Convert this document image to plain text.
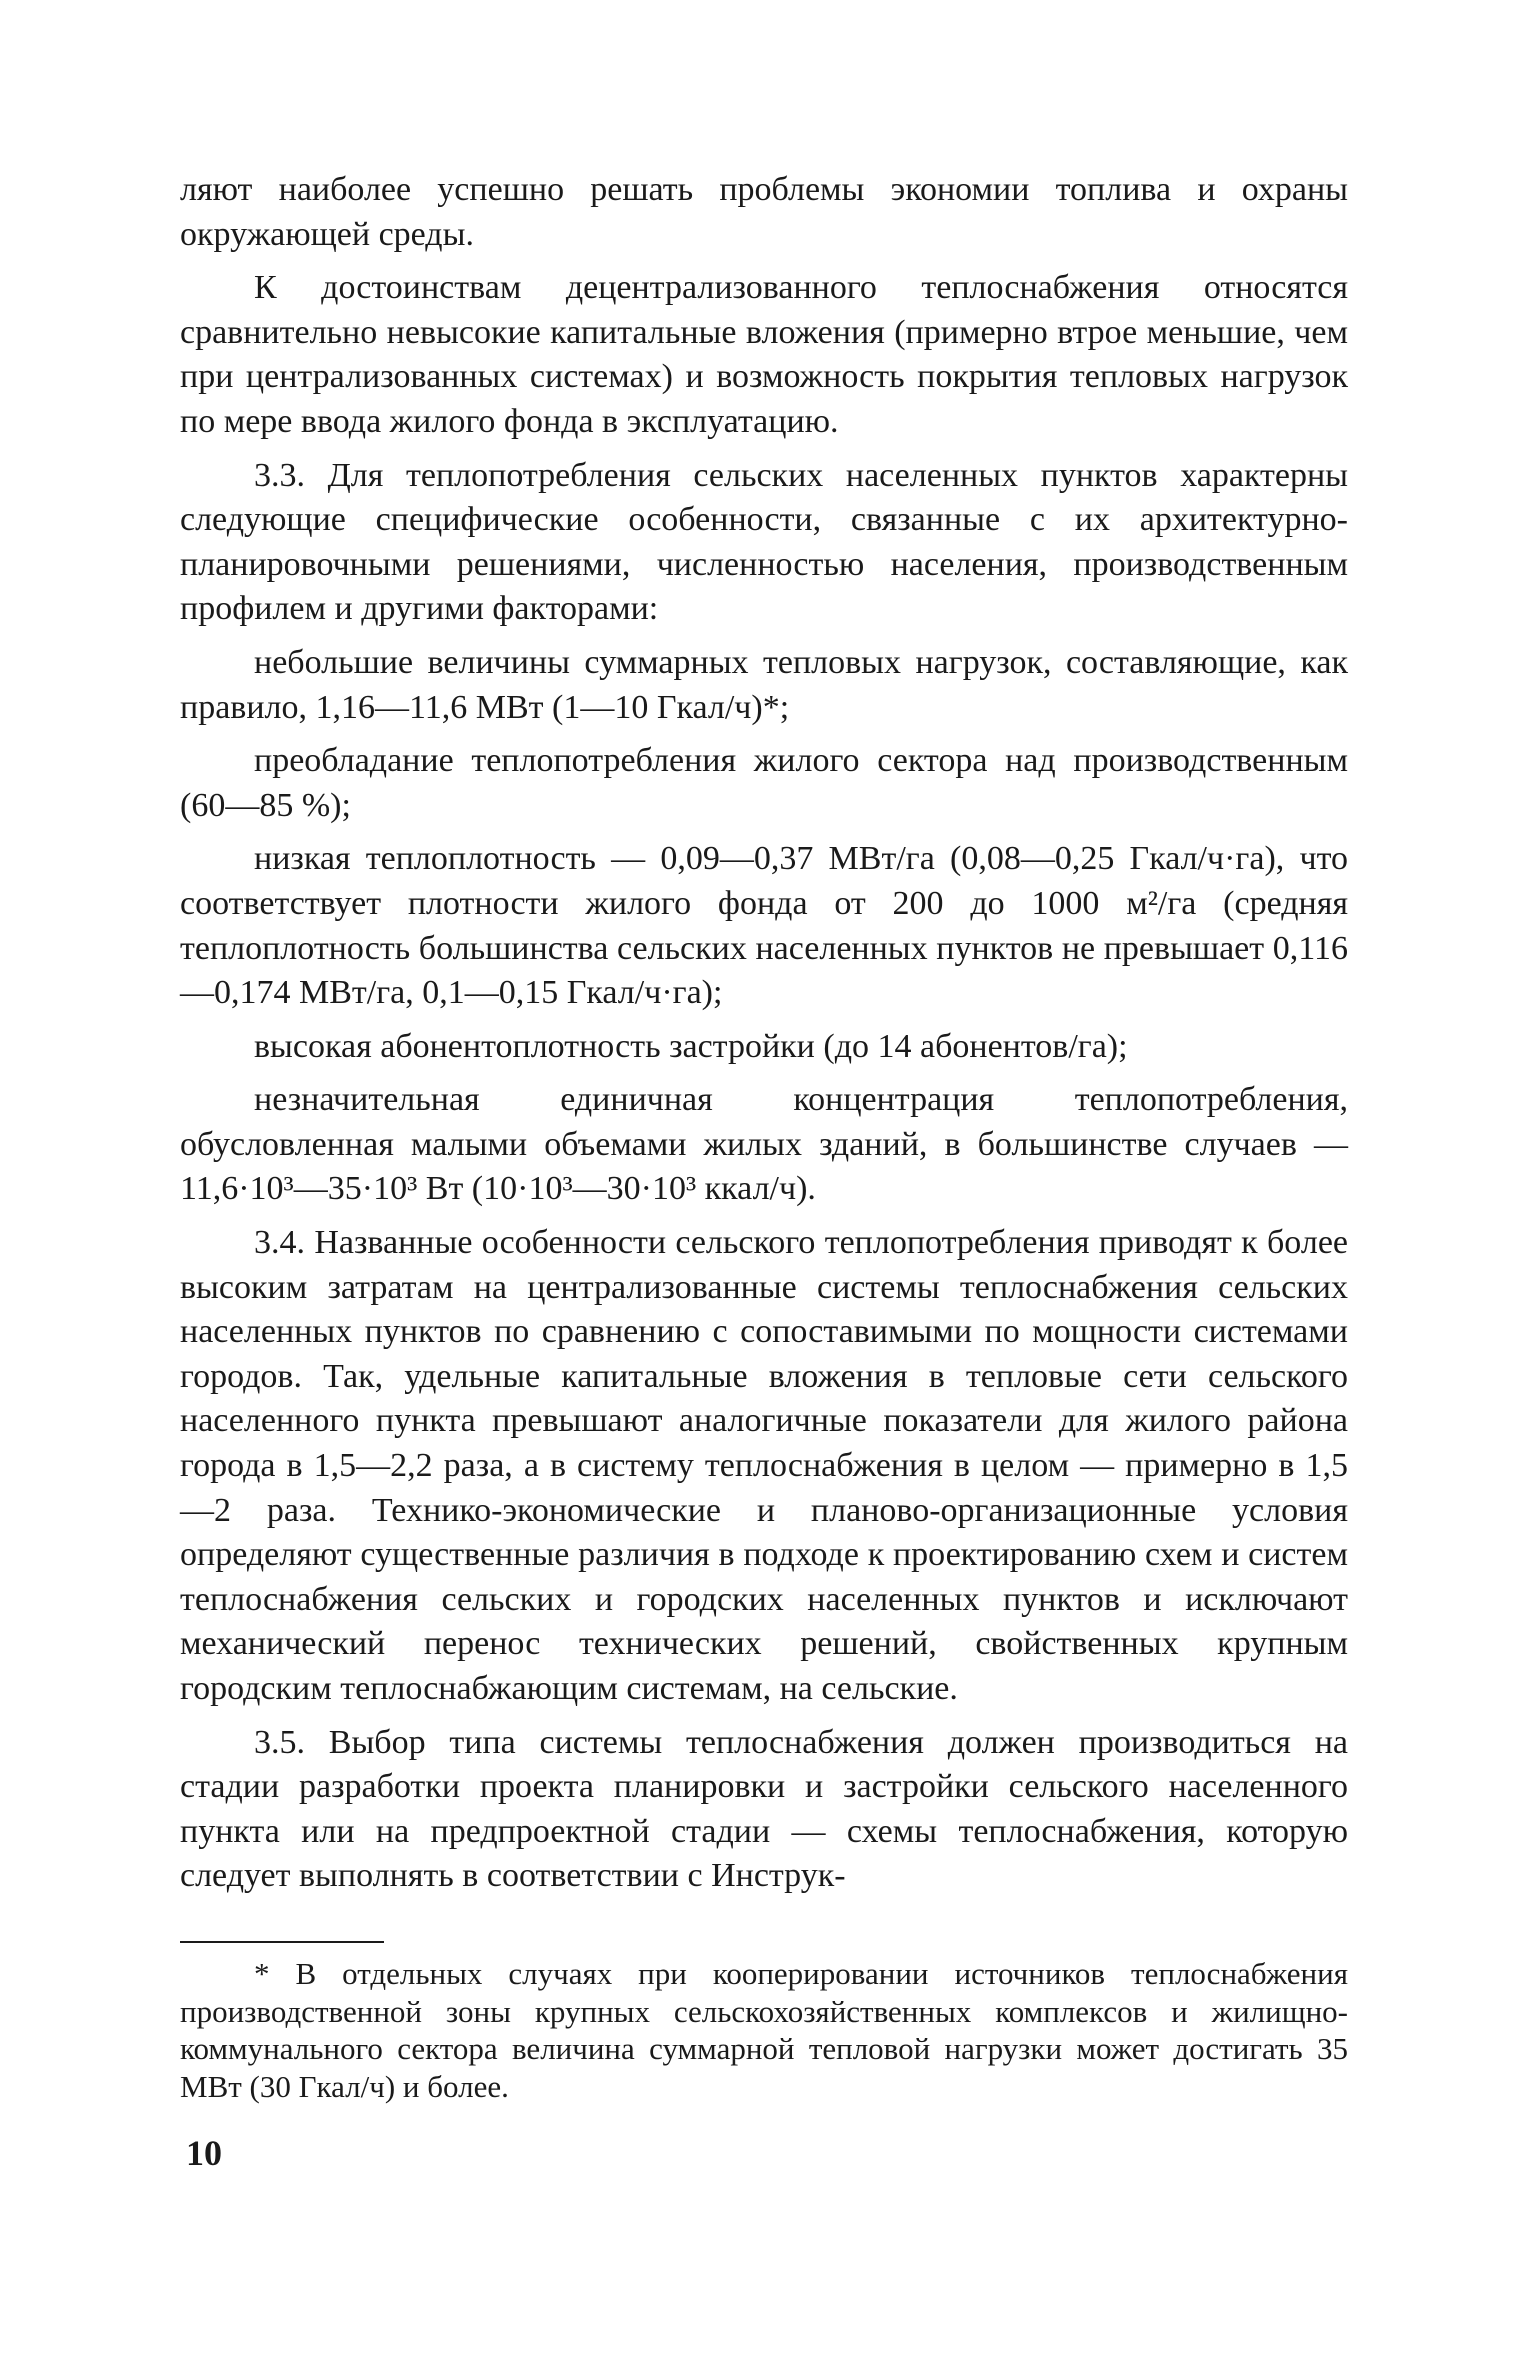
ляют наиболее успешно решать проблемы экономии топлива и охраны окружающей среды.

К достоинствам децентрализованного теплоснабжения относятся сравнительно невысокие капитальные вложения (примерно втрое меньшие, чем при централизованных системах) и возможность покрытия тепловых нагрузок по мере ввода жилого фонда в эксплуатацию.

3.3. Для теплопотребления сельских населенных пунктов характерны следующие специфические особенности, связанные с их архитектурно-планировочными решениями, численностью населения, производственным профилем и другими факторами:

небольшие величины суммарных тепловых нагрузок, составляющие, как правило, 1,16—11,6 МВт (1—10 Гкал/ч)*;

преобладание теплопотребления жилого сектора над производственным (60—85 %);

низкая теплоплотность — 0,09—0,37 МВт/га (0,08—0,25 Гкал/ч·га), что соответствует плотности жилого фонда от 200 до 1000 м²/га (средняя теплоплотность большинства сельских населенных пунктов не превышает 0,116—0,174 МВт/га, 0,1—0,15 Гкал/ч·га);

высокая абонентоплотность застройки (до 14 абонентов/га);

незначительная единичная концентрация теплопотребления, обусловленная малыми объемами жилых зданий, в большинстве случаев — 11,6·10³—35·10³ Вт (10·10³—30·10³ ккал/ч).

3.4. Названные особенности сельского теплопотребления приводят к более высоким затратам на централизованные системы теплоснабжения сельских населенных пунктов по сравнению с сопоставимыми по мощности системами городов. Так, удельные капитальные вложения в тепловые сети сельского населенного пункта превышают аналогичные показатели для жилого района города в 1,5—2,2 раза, а в систему теплоснабжения в целом — примерно в 1,5—2 раза. Технико-экономические и планово-организационные условия определяют существенные различия в подходе к проектированию схем и систем теплоснабжения сельских и городских населенных пунктов и исключают механический перенос технических решений, свойственных крупным городским теплоснабжающим системам, на сельские.

3.5. Выбор типа системы теплоснабжения должен производиться на стадии разработки проекта планировки и застройки сельского населенного пункта или на предпроектной стадии — схемы теплоснабжения, которую следует выполнять в соответствии с Инструк-

* В отдельных случаях при кооперировании источников теплоснабжения производственной зоны крупных сельскохозяйственных комплексов и жилищно-коммунального сектора величина суммарной тепловой нагрузки может достигать 35 МВт (30 Гкал/ч) и более.

10
